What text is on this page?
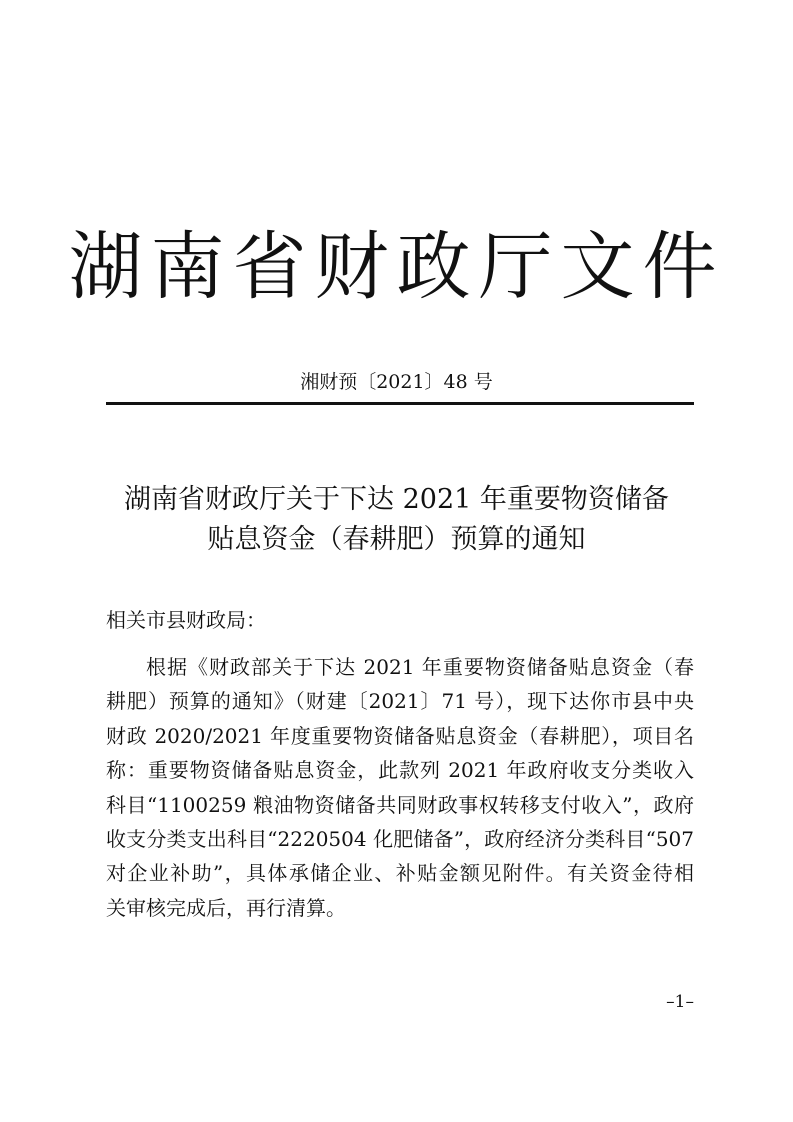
湖南省财政厅文件
湘财预〔2021〕48 号
湖南省财政厅关于下达 2021 年重要物资储备
贴息资金（春耕肥）预算的通知
相关市县财政局：
根据《财政部关于下达 2021 年重要物资储备贴息资金（春
耕肥）预算的通知》（财建〔2021〕71 号），现下达你市县中央
财政 2020/2021 年度重要物资储备贴息资金（春耕肥），项目名
称：重要物资储备贴息资金，此款列 2021 年政府收支分类收入
科目“1100259 粮油物资储备共同财政事权转移支付收入”，政府
收支分类支出科目“2220504 化肥储备”，政府经济分类科目“507
对企业补助”，具体承储企业、补贴金额见附件。有关资金待相
关审核完成后，再行清算。
–1–
